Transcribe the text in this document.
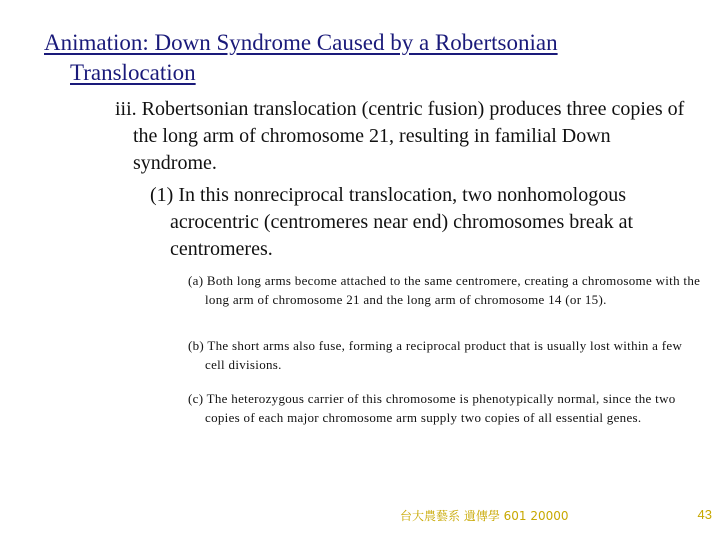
Animation: Down Syndrome Caused by a Robertsonian
Translocation
iii. Robertsonian translocation (centric fusion) produces three copies of the long arm of chromosome 21, resulting in familial Down syndrome.
(1) In this nonreciprocal translocation, two nonhomologous acrocentric (centromeres near end) chromosomes break at centromeres.
(a) Both long arms become attached to the same centromere, creating a chromosome with the long arm of chromosome 21 and the long arm of chromosome 14 (or 15).
(b) The short arms also fuse, forming a reciprocal product that is usually lost within a few cell divisions.
(c) The heterozygous carrier of this chromosome is phenotypically normal, since the two copies of each major chromosome arm supply two copies of all essential genes.
台大農藝系 遺傳學 601 20000	43
